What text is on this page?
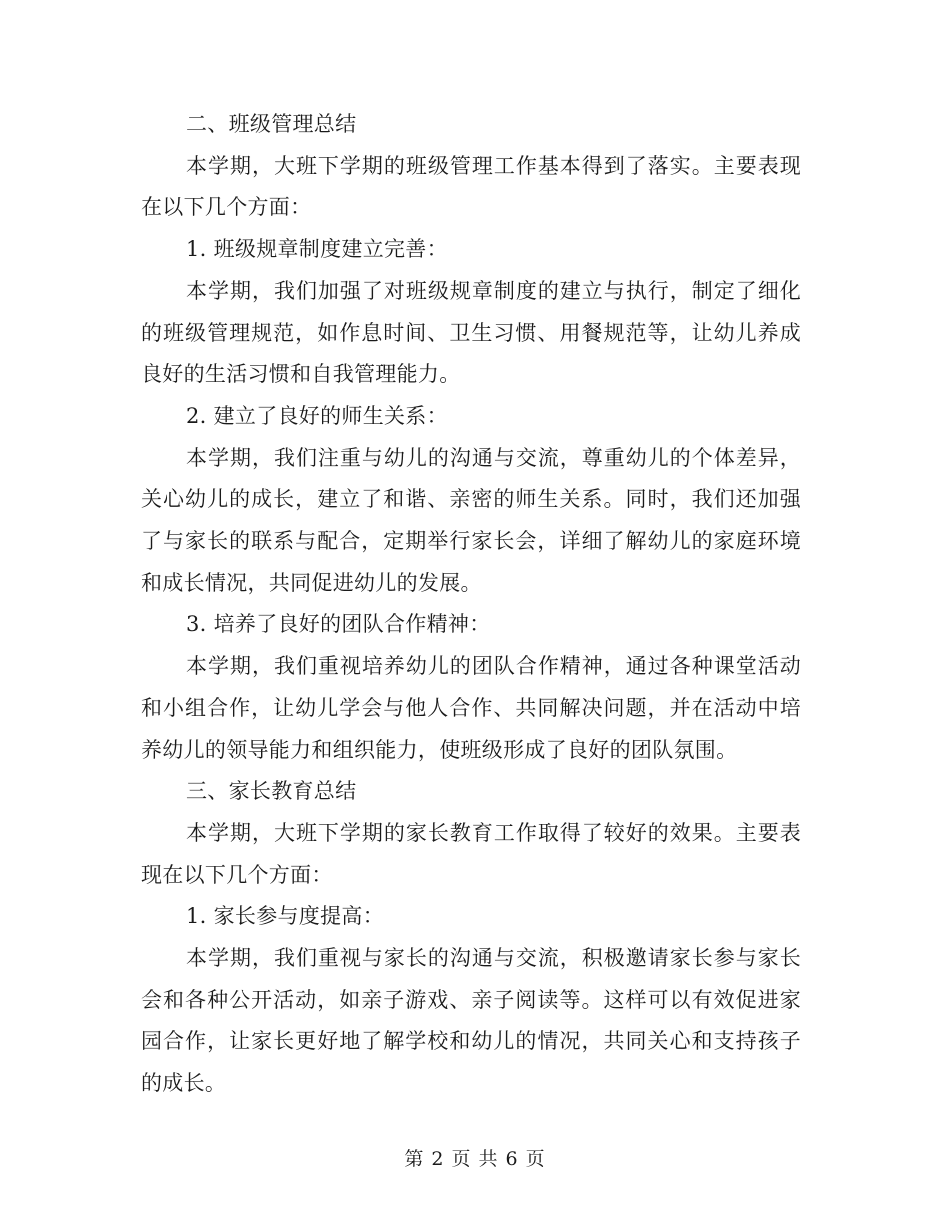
二、班级管理总结

本学期，大班下学期的班级管理工作基本得到了落实。主要表现在以下几个方面：

1. 班级规章制度建立完善：

本学期，我们加强了对班级规章制度的建立与执行，制定了细化的班级管理规范，如作息时间、卫生习惯、用餐规范等，让幼儿养成良好的生活习惯和自我管理能力。

2. 建立了良好的师生关系：

本学期，我们注重与幼儿的沟通与交流，尊重幼儿的个体差异，关心幼儿的成长，建立了和谐、亲密的师生关系。同时，我们还加强了与家长的联系与配合，定期举行家长会，详细了解幼儿的家庭环境和成长情况，共同促进幼儿的发展。

3. 培养了良好的团队合作精神：

本学期，我们重视培养幼儿的团队合作精神，通过各种课堂活动和小组合作，让幼儿学会与他人合作、共同解决问题，并在活动中培养幼儿的领导能力和组织能力，使班级形成了良好的团队氛围。

三、家长教育总结

本学期，大班下学期的家长教育工作取得了较好的效果。主要表现在以下几个方面：

1. 家长参与度提高：

本学期，我们重视与家长的沟通与交流，积极邀请家长参与家长会和各种公开活动，如亲子游戏、亲子阅读等。这样可以有效促进家园合作，让家长更好地了解学校和幼儿的情况，共同关心和支持孩子的成长。

第 2 页 共 6 页
